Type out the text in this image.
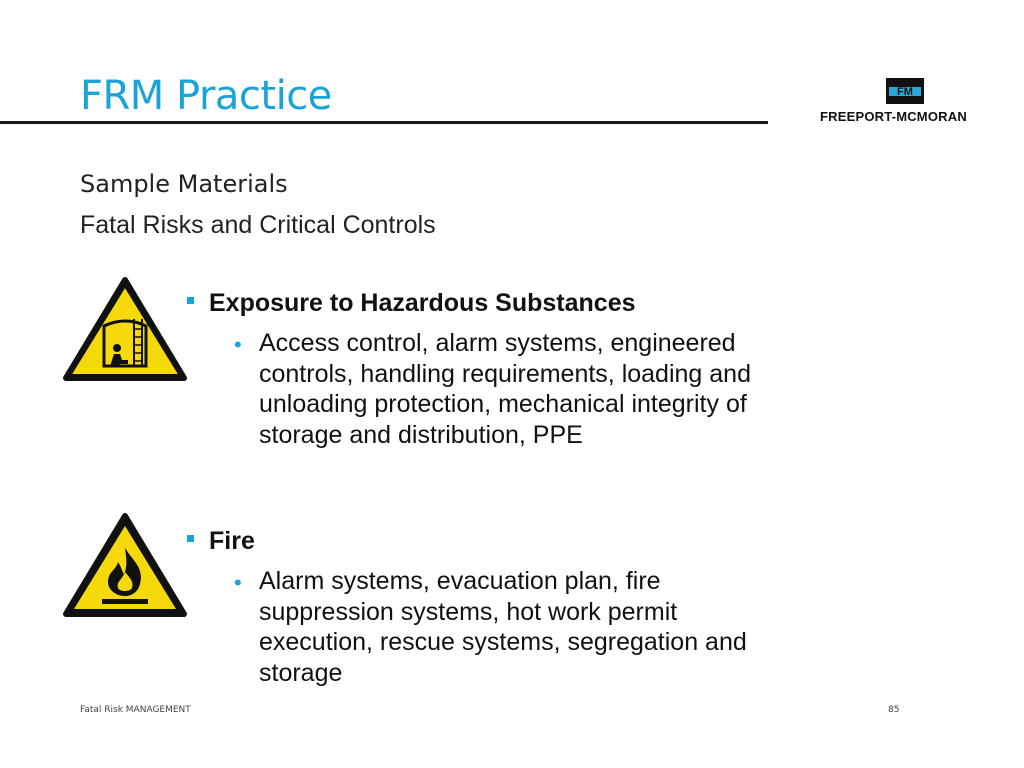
FRM Practice	FM
FREEPORT-MCMORAN
Sample Materials
Fatal Risks and Critical Controls
Exposure to Hazardous Substances
• Access control, alarm systems, engineered controls, handling requirements, loading and unloading protection, mechanical integrity of storage and distribution, PPE
Fire
• Alarm systems, evacuation plan, fire suppression systems, hot work permit execution, rescue systems, segregation and storage
Fatal Risk MANAGEMENT	85
